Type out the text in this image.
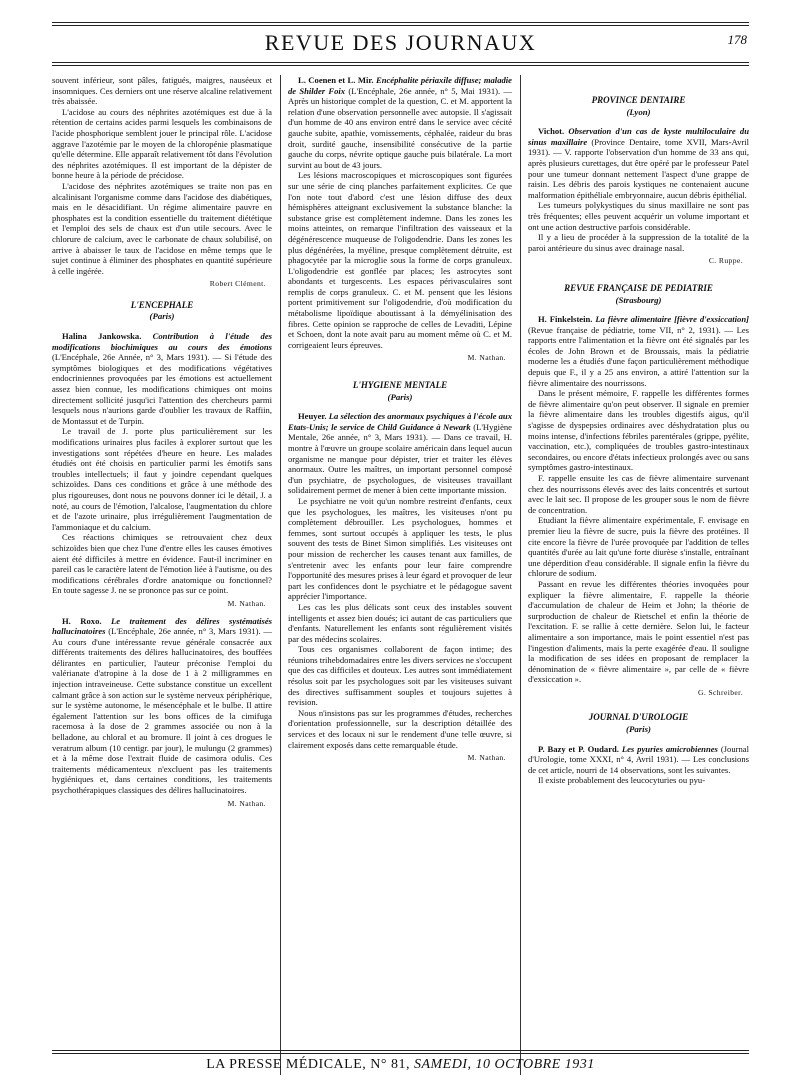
REVUE DES JOURNAUX	178

souvent inférieur, sont pâles, fatigués, maigres, nauséeux et insomniques. Ces derniers ont une réserve alcaline relativement très abaissée.

L'acidose au cours des néphrites azotémiques est due à la rétention de certains acides parmi lesquels les combinaisons de l'acide phosphorique semblent jouer le principal rôle. L'acidose aggrave l'azotémie par le moyen de la chloropénie plasmatique qu'elle détermine. Elle apparaît relativement tôt dans l'évolution des néphrites azotémiques. Il est important de la dépister de bonne heure à la période de précidose.

L'acidose des néphrites azotémiques se traite non pas en alcalinisant l'organisme comme dans l'acidose des diabétiques, mais en le désacidifiant. Un régime alimentaire pauvre en phosphates est la condition essentielle du traitement diététique et l'emploi des sels de chaux est d'un utile secours. Avec le chlorure de calcium, avec le carbonate de chaux solubilisé, on arrive à abaisser le taux de l'acidose en même temps que le sujet continue à éliminer des phosphates en quantité supérieure à celle ingérée.

Robert Clément.

L'ENCEPHALE

(Paris)

Halina Jankowska. Contribution à l'étude des modifications biochimiques au cours des émotions (L'Encéphale, 26e Année, n° 3, Mars 1931). — Si l'étude des symptômes biologiques et des modifications végétatives endocriniennes provoquées par les émotions est actuellement assez bien connue, les modifications chimiques ont moins directement sollicité jusqu'ici l'attention des chercheurs parmi lesquels nous n'aurions garde d'oublier les travaux de Raffiin, de Montassut et de Turpin.

Le travail de J. porte plus particulièrement sur les modifications urinaires plus faciles à explorer surtout que les investigations sont répétées d'heure en heure. Les malades étudiés ont été choisis en particulier parmi les émotifs sans troubles intellectuels; il faut y joindre cependant quelques schizoïdes. Dans ces conditions et grâce à une méthode des plus rigoureuses, dont nous ne pouvons donner ici le détail, J. a noté, au cours de l'émotion, l'alcalose, l'augmentation du chlore et de l'azote urinaire, plus irrégulièrement l'augmentation de l'ammoniaque et du calcium.

Ces réactions chimiques se retrouvaient chez deux schizoïdes bien que chez l'une d'entre elles les causes émotives aient été difficiles à mettre en évidence. Faut-il incriminer en pareil cas le caractère latent de l'émotion liée à l'autisme, ou des modifications cérébrales d'ordre anatomique ou fonctionnel? En toute sagesse J. ne se prononce pas sur ce point.

M. Nathan.

H. Roxo. Le traitement des délires systématisés hallucinatoires (L'Encéphale, 26e année, n° 3, Mars 1931). — Au cours d'une intéressante revue générale consacrée aux différents traitements des délires hallucinatoires, des bouffées délirantes en particulier, l'auteur préconise l'emploi du valérianate d'atropine à la dose de 1 à 2 milligrammes en injection intraveineuse. Cette substance constitue un excellent calmant grâce à son action sur le système nerveux périphérique, sur le système autonome, le mésencéphale et le bulbe. Il attire également l'attention sur les bons offices de la cimifuga racemosa à la dose de 2 grammes associée ou non à la belladone, au chloral et au bromure. Il joint à ces drogues le veratrum album (10 centigr. par jour), le mulungu (2 grammes) et à la même dose l'extrait fluide de casimora odulis. Ces traitements médicamenteux n'excluent pas les traitements hygiéniques et, dans certaines conditions, les traitements psychothérapiques classiques des délires hallucinatoires.

M. Nathan.

L. Coenen et L. Mir. Encéphalite périaxile diffuse; maladie de Shilder Foix (L'Encéphale, 26e année, n° 5, Mai 1931). — Après un historique complet de la question, C. et M. apportent la relation d'une observation personnelle avec autopsie. Il s'agissait d'un homme de 40 ans environ entré dans le service avec cécité gauche subite, apathie, vomissements, céphalée, raideur du bras droit, surdité gauche, insensibilité consécutive de la partie gauche du corps, névrite optique gauche puis bilatérale. La mort survint au bout de 43 jours.

Les lésions macroscopiques et microscopiques sont figurées sur une série de cinq planches parfaitement explicites. Ce que l'on note tout d'abord c'est une lésion diffuse des deux hémisphères atteignant exclusivement la substance blanche: la substance grise est complètement indemne. Dans les zones les moins atteintes, on remarque l'infiltration des vaisseaux et la dégénérescence muqueuse de l'oligodendrie. Dans les zones les plus dégénérées, la myéline, presque complètement détruite, est phagocytée par la microglie sous la forme de corps granuleux. L'oligodendrie est gonflée par places; les astrocytes sont abondants et turgescents. Les espaces périvasculaires sont remplis de corps granuleux. C. et M. pensent que les lésions portent primitivement sur l'oligodendrie, d'où modification du métabolisme lipoïdique aboutissant à la démyélinisation des fibres. Cette opinion se rapproche de celles de Levaditi, Lépine et Schoen, dont la note avait paru au moment même où C. et M. corrigeaient leurs épreuves.

M. Nathan.

L'HYGIENE MENTALE

(Paris)

Heuyer. La sélection des anormaux psychiques à l'école aux Etats-Unis; le service de Child Guidance à Newark (L'Hygiène Mentale, 26e année, n° 3, Mars 1931). — Dans ce travail, H. montre à l'œuvre un groupe scolaire américain dans lequel aucun organisme ne manque pour dépister, trier et traiter les élèves anormaux. Outre les maîtres, un important personnel composé d'un psychiatre, de psychologues, de visiteuses travaillant solidairement permet de mener à bien cette importante mission.

Le psychiatre ne voit qu'un nombre restreint d'enfants, ceux que les psychologues, les maîtres, les visiteuses n'ont pu complètement débrouiller. Les psychologues, hommes et femmes, sont surtout occupés à appliquer les tests, le plus souvent des tests de Binet Simon simplifiés. Les visiteuses ont pour mission de rechercher les causes tenant aux familles, de s'entretenir avec les enfants pour leur faire comprendre l'opportunité des mesures prises à leur égard et provoquer de leur part les confidences dont le psychiatre et le pédagogue savent apprécier l'importance.

Les cas les plus délicats sont ceux des instables souvent intelligents et assez bien doués; ici autant de cas particuliers que d'enfants. Naturellement les enfants sont régulièrement visités par des médecins scolaires.

Tous ces organismes collaborent de façon intime; des réunions trihebdomadaires entre les divers services ne s'occupent que des cas difficiles et douteux. Les autres sont immédiatement résolus soit par les psychologues soit par les visiteuses suivant des directives suffisamment souples et toujours sujettes à revision.

Nous n'insistons pas sur les programmes d'études, recherches d'orientation professionnelle, sur la description détaillée des services et des locaux ni sur le rendement d'une telle œuvre, si clairement exposés dans cette remarquable étude.

M. Nathan.

PROVINCE DENTAIRE

(Lyon)

Vichot. Observation d'un cas de kyste multiloculaire du sinus maxillaire (Province Dentaire, tome XVII, Mars-Avril 1931). — V. rapporte l'observation d'un homme de 33 ans qui, après plusieurs curettages, dut être opéré par le professeur Patel pour une tumeur donnant nettement l'aspect d'une grappe de raisin. Les débris des parois kystiques ne contenaient aucune malformation épithéliale embryonnaire, aucun débris épithélial.

Les tumeurs polykystiques du sinus maxillaire ne sont pas très fréquentes; elles peuvent acquérir un volume important et ont une action destructive parfois considérable.

Il y a lieu de procéder à la suppression de la totalité de la paroi antérieure du sinus avec drainage nasal.

C. Ruppe.

REVUE FRANÇAISE DE PEDIATRIE

(Strasbourg)

H. Finkelstein. La fièvre alimentaire [fièvre d'exsiccation] (Revue française de pédiatrie, tome VII, n° 2, 1931). — Les rapports entre l'alimentation et la fièvre ont été signalés par les écoles de John Brown et de Broussais, mais la pédiatrie moderne les a étudiés d'une façon particulièrement méthodique depuis que F., il y a 25 ans environ, a attiré l'attention sur la fièvre alimentaire des nourrissons.

Dans le présent mémoire, F. rappelle les différentes formes de fièvre alimentaire qu'on peut observer. Il signale en premier la fièvre alimentaire dans les troubles digestifs aigus, qu'il s'agisse de dyspepsies ordinaires avec déshydratation plus ou moins intense, d'infections fébriles parentérales (grippe, pyélite, vaccination, etc.), compliquées de troubles gastro-intestinaux secondaires, ou encore d'états infectieux prolongés avec ou sans symptômes gastro-intestinaux.

F. rappelle ensuite les cas de fièvre alimentaire survenant chez des nourrissons élevés avec des laits concentrés et surtout avec le lait sec. Il propose de les grouper sous le nom de fièvre de concentration.

Etudiant la fièvre alimentaire expérimentale, F. envisage en premier lieu la fièvre de sucre, puis la fièvre des protéines. Il cite encore la fièvre de l'urée provoquée par l'addition de telles quantités d'urée au lait qu'une forte diurèse s'installe, entraînant une déperdition d'eau considérable. Il signale enfin la fièvre du chlorure de sodium.

Passant en revue les différentes théories invoquées pour expliquer la fièvre alimentaire, F. rappelle la théorie d'accumulation de chaleur de Heim et John; la théorie de surproduction de chaleur de Rietschel et enfin la théorie de l'excitation. F. se rallie à cette dernière. Selon lui, le facteur alimentaire a son importance, mais le point essentiel n'est pas l'ingestion d'aliments, mais la perte exagérée d'eau. Il souligne la modification de ses idées en proposant de remplacer la dénomination de « fièvre alimentaire », par celle de « fièvre d'exsiccation ».

G. Schreiber.

JOURNAL D'UROLOGIE

(Paris)

P. Bazy et P. Oudard. Les pyuries amicrobiennes (Journal d'Urologie, tome XXXI, n° 4, Avril 1931). — Les conclusions de cet article, nourri de 14 observations, sont les suivantes.

Il existe probablement des leucocyturies ou pyu-

LA PRESSE MÉDICALE, N° 81, SAMEDI, 10 OCTOBRE 1931
